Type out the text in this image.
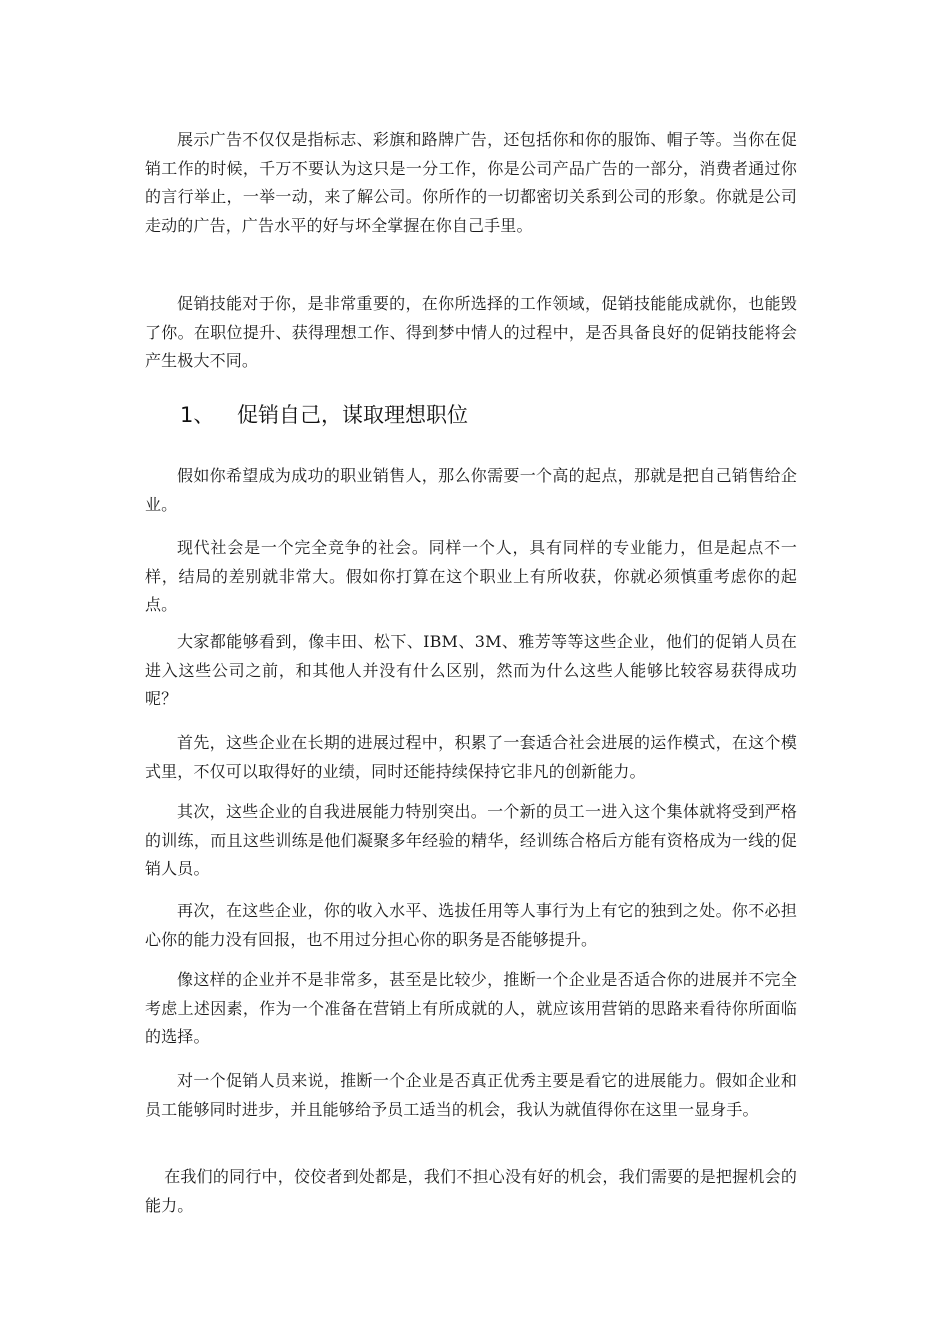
展示广告不仅仅是指标志、彩旗和路牌广告，还包括你和你的服饰、帽子等。当你在促销工作的时候，千万不要认为这只是一分工作，你是公司产品广告的一部分，消费者通过你的言行举止，一举一动，来了解公司。你所作的一切都密切关系到公司的形象。你就是公司走动的广告，广告水平的好与坏全掌握在你自己手里。

促销技能对于你，是非常重要的，在你所选择的工作领域，促销技能能成就你，也能毁了你。在职位提升、获得理想工作、得到梦中情人的过程中，是否具备良好的促销技能将会产生极大不同。

1、 促销自己，谋取理想职位

假如你希望成为成功的职业销售人，那么你需要一个高的起点，那就是把自己销售给企业。

现代社会是一个完全竞争的社会。同样一个人，具有同样的专业能力，但是起点不一样，结局的差别就非常大。假如你打算在这个职业上有所收获，你就必须慎重考虑你的起点。

大家都能够看到，像丰田、松下、IBM、3M、雅芳等等这些企业，他们的促销人员在进入这些公司之前，和其他人并没有什么区别，然而为什么这些人能够比较容易获得成功呢？

首先，这些企业在长期的进展过程中，积累了一套适合社会进展的运作模式，在这个模式里，不仅可以取得好的业绩，同时还能持续保持它非凡的创新能力。

其次，这些企业的自我进展能力特别突出。一个新的员工一进入这个集体就将受到严格的训练，而且这些训练是他们凝聚多年经验的精华，经训练合格后方能有资格成为一线的促销人员。

再次，在这些企业，你的收入水平、选拔任用等人事行为上有它的独到之处。你不必担心你的能力没有回报，也不用过分担心你的职务是否能够提升。

像这样的企业并不是非常多，甚至是比较少，推断一个企业是否适合你的进展并不完全考虑上述因素，作为一个准备在营销上有所成就的人，就应该用营销的思路来看待你所面临的选择。

对一个促销人员来说，推断一个企业是否真正优秀主要是看它的进展能力。假如企业和员工能够同时进步，并且能够给予员工适当的机会，我认为就值得你在这里一显身手。

在我们的同行中，佼佼者到处都是，我们不担心没有好的机会，我们需要的是把握机会的能力。
